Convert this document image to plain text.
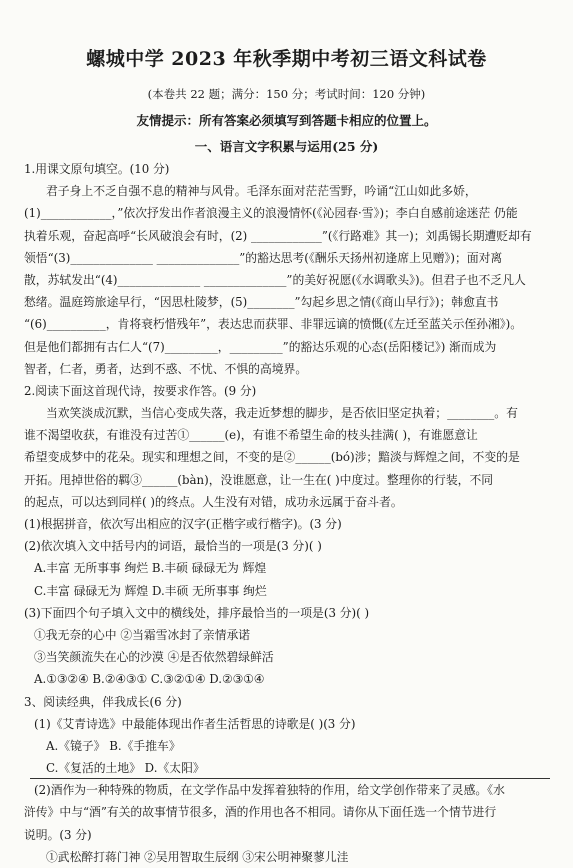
螺城中学 2023 年秋季期中考初三语文科试卷
(本卷共 22 题；满分：150 分；考试时间：120 分钟)
友情提示：所有答案必须填写到答题卡相应的位置上。
一、语言文字积累与运用(25 分)
1.用课文原句填空。(10 分)
君子身上不乏自强不息的精神与风骨。毛泽东面对茫茫雪野，吟诵“江山如此多娇，
(1)____________，”依次抒发出作者浪漫主义的浪漫情怀(《沁园春·雪》)；李白自感前途迷茫 仍能
执着乐观，奋起高呼“长风破浪会有时，(2) ____________”(《行路难》其一)；刘禹锡长期遭贬却有
领悟“(3)______________ ______________”的豁达思考(《酬乐天扬州初逢席上见赠》)；面对离
散，苏轼发出“(4)______________ ______________”的美好祝愿(《水调歌头》)。但君子也不乏凡人
愁绪。温庭筠旅途早行，“因思杜陵梦，(5)________”勾起乡思之情(《商山早行》)；韩愈直书
“(6)__________，肯将衰朽惜残年”，表达忠而获罪、非罪远谪的愤慨(《左迁至蓝关示侄孙湘》)。
但是他们都拥有古仁人“(7)_________，_________”的豁达乐观的心态(岳阳楼记》) 渐而成为
智者，仁者，勇者，达到不惑、不忧、不惧的高境界。
2.阅读下面这首现代诗，按要求作答。(9 分)
当欢笑淡成沉默，当信心变成失落，我走近梦想的脚步，是否依旧坚定执着；________。有
谁不渴望收获，有谁没有过苦①______(e)，有谁不希望生命的枝头挂满( )，有谁愿意让
希望变成梦中的花朵。现实和理想之间，不变的是②______(bó)涉；黯淡与辉煌之间，不变的是
开拓。甩掉世俗的羁③______(bàn)，没谁愿意，让一生在( )中度过。整理你的行装，不同
的起点，可以达到同样( )的终点。人生没有对错，成功永远属于奋斗者。
(1)根据拼音，依次写出相应的汉字(正楷字或行楷字)。(3 分)
(2)依次填入文中括号内的词语，最恰当的一项是(3 分)( )
A.丰富 无所事事 绚烂 B.丰硕 碌碌无为 辉煌
C.丰富 碌碌无为 辉煌 D.丰硕 无所事事 绚烂
(3)下面四个句子填入文中的横线处，排序最恰当的一项是(3 分)( )
①我无奈的心中 ②当霜雪冰封了亲情承诺
③当笑颜流失在心的沙漠 ④是否依然碧绿鲜活
A.①③②④ B.②④③① C.③②①④ D.②③①④
3、阅读经典，伴我成长(6 分)
(1)《艾青诗选》中最能体现出作者生活哲思的诗歌是( )(3 分)
A.《镜子》 B.《手推车》
C.《复活的土地》 D.《太阳》
(2)酒作为一种特殊的物质，在文学作品中发挥着独特的作用，给文学创作带来了灵感。《水
浒传》中与“酒”有关的故事情节很多，酒的作用也各不相同。请你从下面任选一个情节进行
说明。(3 分)
①武松醉打蒋门神 ②吴用智取生辰纲 ③宋公明神聚蓼儿洼
